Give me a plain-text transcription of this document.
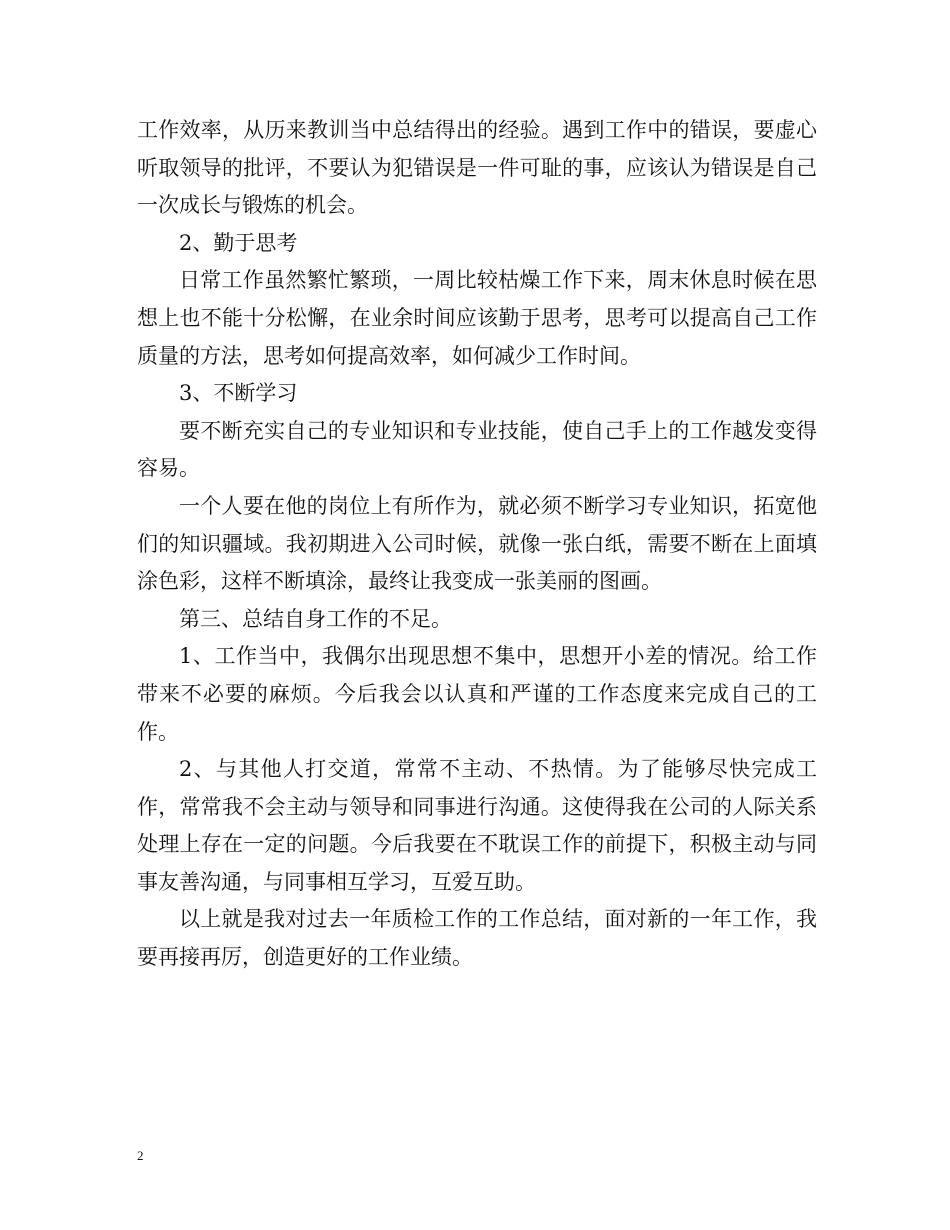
工作效率，从历来教训当中总结得出的经验。遇到工作中的错误，要虚心听取领导的批评，不要认为犯错误是一件可耻的事，应该认为错误是自己一次成长与锻炼的机会。

2、勤于思考

日常工作虽然繁忙繁琐，一周比较枯燥工作下来，周末休息时候在思想上也不能十分松懈，在业余时间应该勤于思考，思考可以提高自己工作质量的方法，思考如何提高效率，如何减少工作时间。

3、不断学习

要不断充实自己的专业知识和专业技能，使自己手上的工作越发变得容易。

一个人要在他的岗位上有所作为，就必须不断学习专业知识，拓宽他们的知识疆域。我初期进入公司时候，就像一张白纸，需要不断在上面填涂色彩，这样不断填涂，最终让我变成一张美丽的图画。

第三、总结自身工作的不足。

1、工作当中，我偶尔出现思想不集中，思想开小差的情况。给工作带来不必要的麻烦。今后我会以认真和严谨的工作态度来完成自己的工作。

2、与其他人打交道，常常不主动、不热情。为了能够尽快完成工作，常常我不会主动与领导和同事进行沟通。这使得我在公司的人际关系处理上存在一定的问题。今后我要在不耽误工作的前提下，积极主动与同事友善沟通，与同事相互学习，互爱互助。

以上就是我对过去一年质检工作的工作总结，面对新的一年工作，我要再接再厉，创造更好的工作业绩。

2
